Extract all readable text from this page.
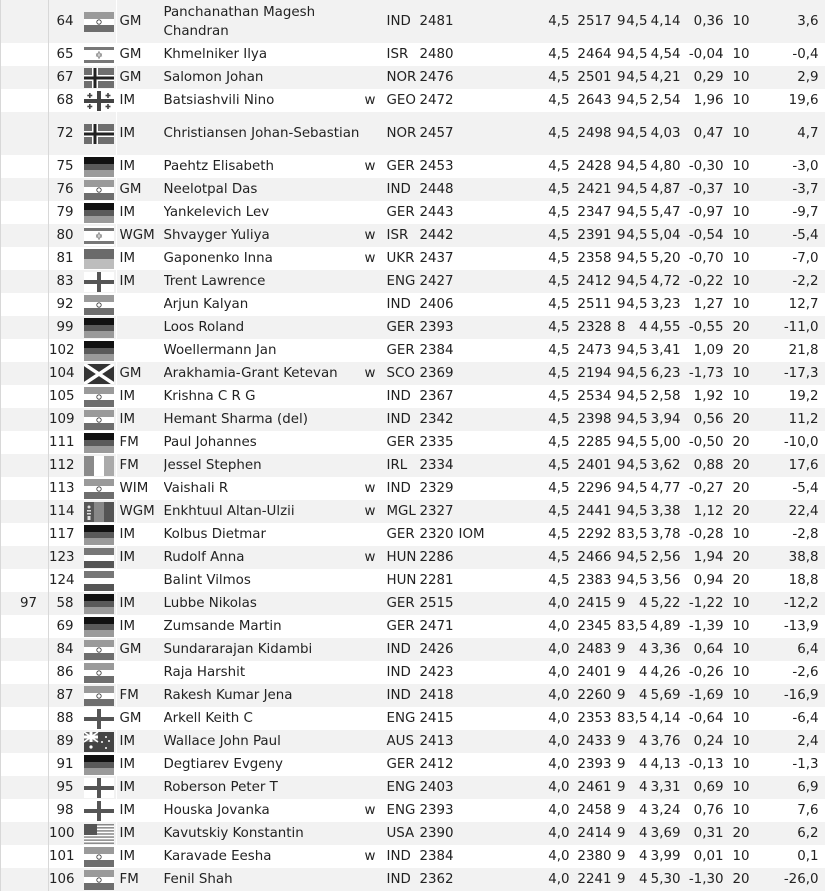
	64		GM	Panchanathan Magesh Chandran		IND	2481		4,5	2517	9	4,5	4,14	0,36	10	3,6
	65		GM	Khmelniker Ilya		ISR	2480		4,5	2464	9	4,5	4,54	-0,04	10	-0,4
	67		GM	Salomon Johan		NOR	2476		4,5	2501	9	4,5	4,21	0,29	10	2,9
	68		IM	Batsiashvili Nino	w	GEO	2472		4,5	2643	9	4,5	2,54	1,96	10	19,6
	72		IM	Christiansen Johan-Sebastian		NOR	2457		4,5	2498	9	4,5	4,03	0,47	10	4,7
	75		IM	Paehtz Elisabeth	w	GER	2453		4,5	2428	9	4,5	4,80	-0,30	10	-3,0
	76		GM	Neelotpal Das		IND	2448		4,5	2421	9	4,5	4,87	-0,37	10	-3,7
	79		IM	Yankelevich Lev		GER	2443		4,5	2347	9	4,5	5,47	-0,97	10	-9,7
	80		WGM	Shvayger Yuliya	w	ISR	2442		4,5	2391	9	4,5	5,04	-0,54	10	-5,4
	81		IM	Gaponenko Inna	w	UKR	2437		4,5	2358	9	4,5	5,20	-0,70	10	-7,0
	83		IM	Trent Lawrence		ENG	2427		4,5	2412	9	4,5	4,72	-0,22	10	-2,2
	92			Arjun Kalyan		IND	2406		4,5	2511	9	4,5	3,23	1,27	10	12,7
	99			Loos Roland		GER	2393		4,5	2328	8	4	4,55	-0,55	20	-11,0
	102			Woellermann Jan		GER	2384		4,5	2473	9	4,5	3,41	1,09	20	21,8
	104		GM	Arakhamia-Grant Ketevan	w	SCO	2369		4,5	2194	9	4,5	6,23	-1,73	10	-17,3
	105		IM	Krishna C R G		IND	2367		4,5	2534	9	4,5	2,58	1,92	10	19,2
	109		IM	Hemant Sharma (del)		IND	2342		4,5	2398	9	4,5	3,94	0,56	20	11,2
	111		FM	Paul Johannes		GER	2335		4,5	2285	9	4,5	5,00	-0,50	20	-10,0
	112		FM	Jessel Stephen		IRL	2334		4,5	2401	9	4,5	3,62	0,88	20	17,6
	113		WIM	Vaishali R	w	IND	2329		4,5	2296	9	4,5	4,77	-0,27	20	-5,4
	114		WGM	Enkhtuul Altan-Ulzii	w	MGL	2327		4,5	2441	9	4,5	3,38	1,12	20	22,4
	117		IM	Kolbus Dietmar		GER	2320	IOM	4,5	2292	8	3,5	3,78	-0,28	10	-2,8
	123		IM	Rudolf Anna	w	HUN	2286		4,5	2466	9	4,5	2,56	1,94	20	38,8
	124			Balint Vilmos		HUN	2281		4,5	2383	9	4,5	3,56	0,94	20	18,8
97	58		IM	Lubbe Nikolas		GER	2515		4,0	2415	9	4	5,22	-1,22	10	-12,2
	69		IM	Zumsande Martin		GER	2471		4,0	2345	8	3,5	4,89	-1,39	10	-13,9
	84		GM	Sundararajan Kidambi		IND	2426		4,0	2483	9	4	3,36	0,64	10	6,4
	86			Raja Harshit		IND	2423		4,0	2401	9	4	4,26	-0,26	10	-2,6
	87		FM	Rakesh Kumar Jena		IND	2418		4,0	2260	9	4	5,69	-1,69	10	-16,9
	88		GM	Arkell Keith C		ENG	2415		4,0	2353	8	3,5	4,14	-0,64	10	-6,4
	89		IM	Wallace John Paul		AUS	2413		4,0	2433	9	4	3,76	0,24	10	2,4
	91		IM	Degtiarev Evgeny		GER	2412		4,0	2393	9	4	4,13	-0,13	10	-1,3
	95		IM	Roberson Peter T		ENG	2403		4,0	2461	9	4	3,31	0,69	10	6,9
	98		IM	Houska Jovanka	w	ENG	2393		4,0	2458	9	4	3,24	0,76	10	7,6
	100		IM	Kavutskiy Konstantin		USA	2390		4,0	2414	9	4	3,69	0,31	20	6,2
	101		IM	Karavade Eesha	w	IND	2384		4,0	2380	9	4	3,99	0,01	10	0,1
	106		FM	Fenil Shah		IND	2362		4,0	2241	9	4	5,30	-1,30	20	-26,0
